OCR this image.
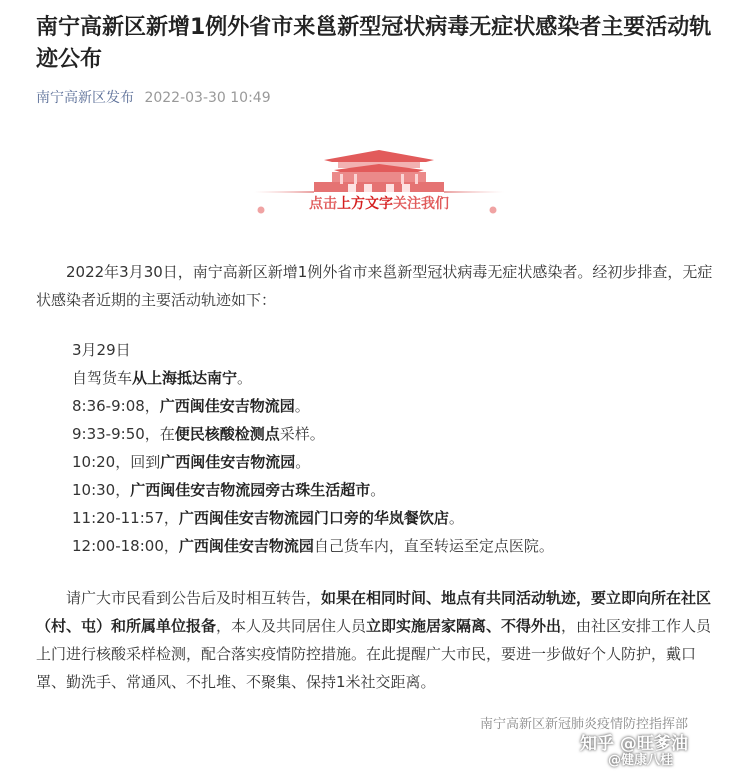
南宁高新区新增1例外省市来邕新型冠状病毒无症状感染者主要活动轨迹公布
南宁高新区发布 2022-03-30 10:49
点击上方文字关注我们

2022年3月30日，南宁高新区新增1例外省市来邕新型冠状病毒无症状感染者。经初步排查，无症状感染者近期的主要活动轨迹如下：

3月29日
自驾货车从上海抵达南宁。
8:36-9:08，广西闽佳安吉物流园。
9:33-9:50，在便民核酸检测点采样。
10:20，回到广西闽佳安吉物流园。
10:30，广西闽佳安吉物流园旁古珠生活超市。
11:20-11:57，广西闽佳安吉物流园门口旁的华岚餐饮店。
12:00-18:00，广西闽佳安吉物流园自己货车内，直至转运至定点医院。

请广大市民看到公告后及时相互转告，如果在相同时间、地点有共同活动轨迹，要立即向所在社区（村、屯）和所属单位报备，本人及共同居住人员立即实施居家隔离、不得外出，由社区安排工作人员上门进行核酸采样检测，配合落实疫情防控措施。在此提醒广大市民，要进一步做好个人防护，戴口罩、勤洗手、常通风、不扎堆、不聚集、保持1米社交距离。

南宁高新区新冠肺炎疫情防控指挥部
知乎 @旺爹油
@健康八桂
